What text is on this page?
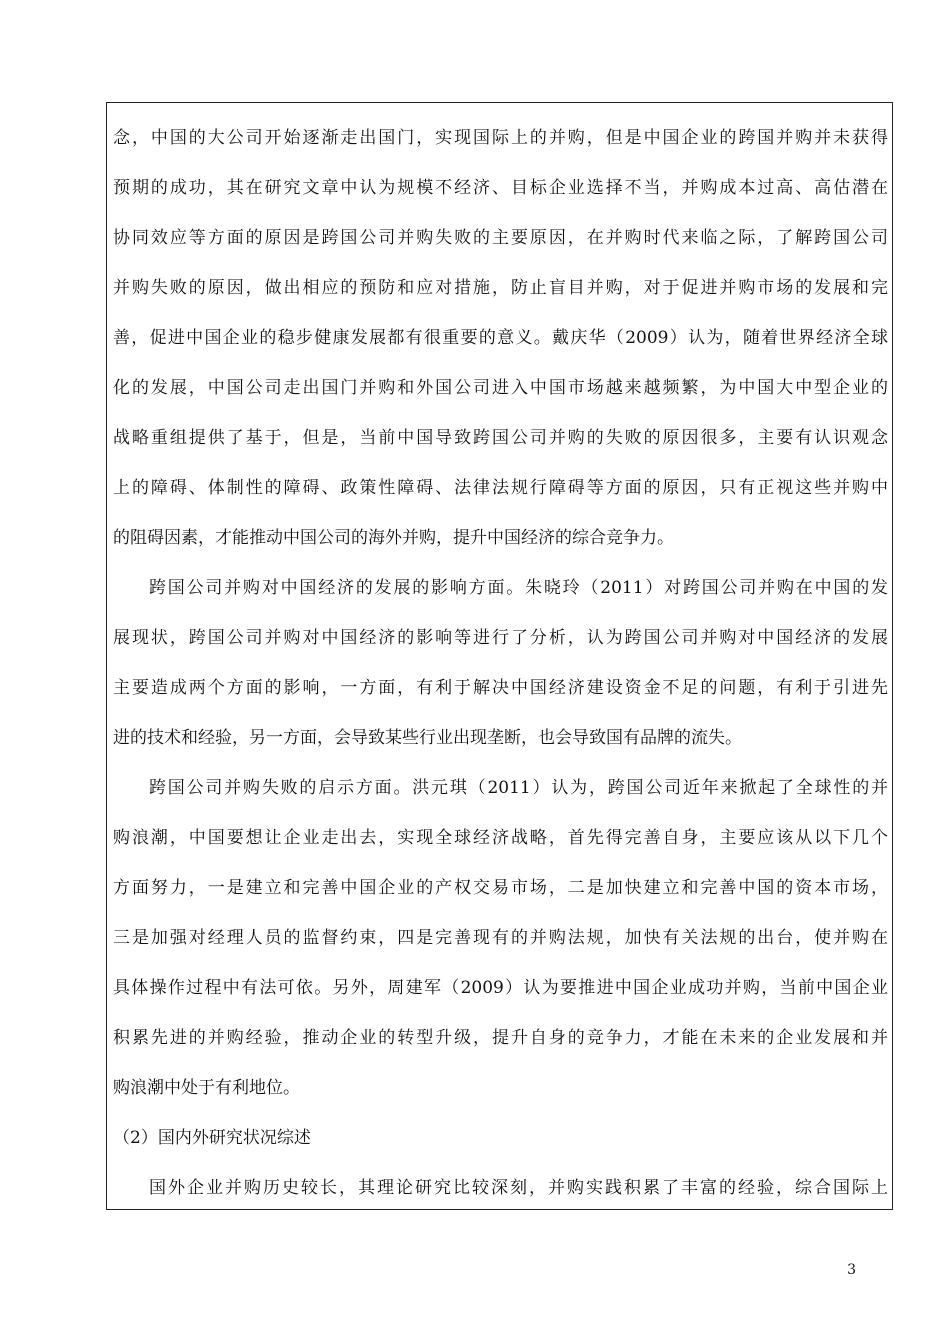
念，中国的大公司开始逐渐走出国门，实现国际上的并购，但是中国企业的跨国并购并未获得
预期的成功，其在研究文章中认为规模不经济、目标企业选择不当，并购成本过高、高估潜在
协同效应等方面的原因是跨国公司并购失败的主要原因，在并购时代来临之际，了解跨国公司
并购失败的原因，做出相应的预防和应对措施，防止盲目并购，对于促进并购市场的发展和完
善，促进中国企业的稳步健康发展都有很重要的意义。戴庆华（2009）认为，随着世界经济全球
化的发展，中国公司走出国门并购和外国公司进入中国市场越来越频繁，为中国大中型企业的
战略重组提供了基于，但是，当前中国导致跨国公司并购的失败的原因很多，主要有认识观念
上的障碍、体制性的障碍、政策性障碍、法律法规行障碍等方面的原因，只有正视这些并购中
的阻碍因素，才能推动中国公司的海外并购，提升中国经济的综合竞争力。
跨国公司并购对中国经济的发展的影响方面。朱晓玲（2011）对跨国公司并购在中国的发
展现状，跨国公司并购对中国经济的影响等进行了分析，认为跨国公司并购对中国经济的发展
主要造成两个方面的影响，一方面，有利于解决中国经济建设资金不足的问题，有利于引进先
进的技术和经验，另一方面，会导致某些行业出现垄断，也会导致国有品牌的流失。
跨国公司并购失败的启示方面。洪元琪（2011）认为，跨国公司近年来掀起了全球性的并
购浪潮，中国要想让企业走出去，实现全球经济战略，首先得完善自身，主要应该从以下几个
方面努力，一是建立和完善中国企业的产权交易市场，二是加快建立和完善中国的资本市场，
三是加强对经理人员的监督约束，四是完善现有的并购法规，加快有关法规的出台，使并购在
具体操作过程中有法可依。另外，周建军（2009）认为要推进中国企业成功并购，当前中国企业
积累先进的并购经验，推动企业的转型升级，提升自身的竞争力，才能在未来的企业发展和并
购浪潮中处于有利地位。
（2）国内外研究状况综述
国外企业并购历史较长，其理论研究比较深刻，并购实践积累了丰富的经验，综合国际上
3
